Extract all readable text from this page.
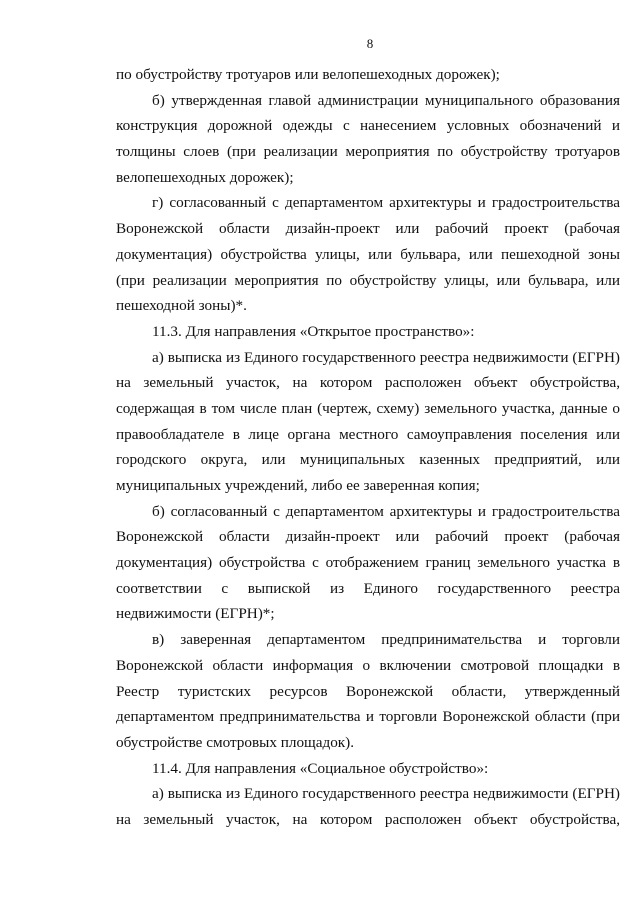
8
по обустройству тротуаров или велопешеходных дорожек);
б) утвержденная главой администрации муниципального образования
конструкция дорожной одежды с нанесением условных обозначений и
толщины слоев (при реализации мероприятия по обустройству тротуаров
велопешеходных дорожек);
г) согласованный с департаментом архитектуры и градостроительства
Воронежской области дизайн-проект или рабочий проект (рабочая
документация) обустройства улицы, или бульвара, или пешеходной зоны
(при реализации мероприятия по обустройству улицы, или бульвара, или
пешеходной зоны)*.
11.3. Для направления «Открытое пространство»:
а) выписка из Единого государственного реестра недвижимости (ЕГРН)
на земельный участок, на котором расположен объект обустройства,
содержащая в том числе план (чертеж, схему) земельного участка, данные о
правообладателе в лице органа местного самоуправления поселения или
городского округа, или муниципальных казенных предприятий, или
муниципальных учреждений, либо ее заверенная копия;
б) согласованный с департаментом архитектуры и градостроительства
Воронежской области дизайн-проект или рабочий проект (рабочая
документация) обустройства с отображением границ земельного участка в
соответствии с выпиской из Единого государственного реестра
недвижимости (ЕГРН)*;
в) заверенная департаментом предпринимательства и торговли
Воронежской области информация о включении смотровой площадки в
Реестр туристских ресурсов Воронежской области, утвержденный
департаментом предпринимательства и торговли Воронежской области (при
обустройстве смотровых площадок).
11.4. Для направления «Социальное обустройство»:
а) выписка из Единого государственного реестра недвижимости (ЕГРН)
на земельный участок, на котором расположен объект обустройства,
